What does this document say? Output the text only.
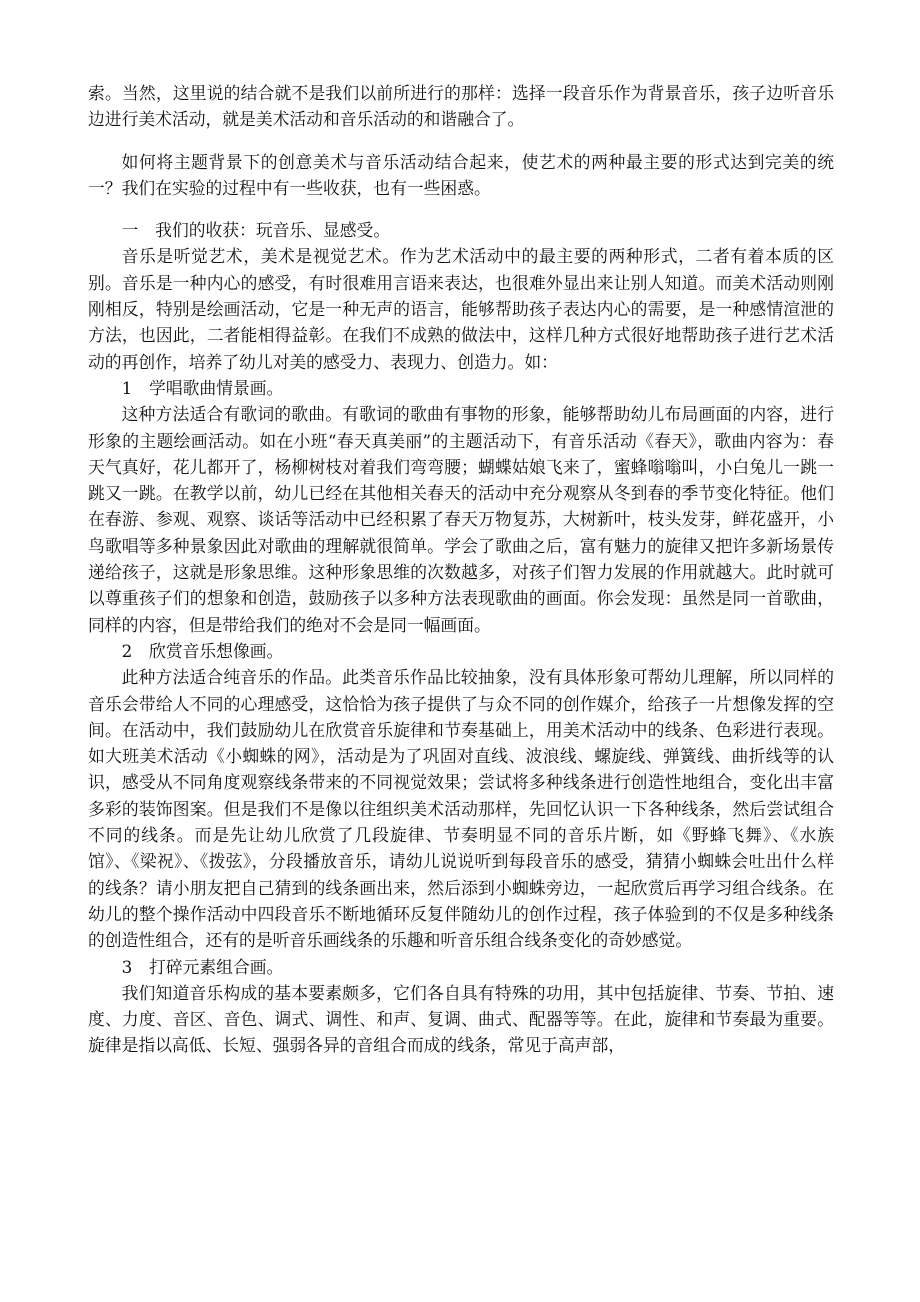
索。当然，这里说的结合就不是我们以前所进行的那样：选择一段音乐作为背景音乐，孩子边听音乐边进行美术活动，就是美术活动和音乐活动的和谐融合了。

如何将主题背景下的创意美术与音乐活动结合起来，使艺术的两种最主要的形式达到完美的统一？我们在实验的过程中有一些收获，也有一些困惑。

一　我们的收获：玩音乐、显感受。

音乐是听觉艺术，美术是视觉艺术。作为艺术活动中的最主要的两种形式，二者有着本质的区别。音乐是一种内心的感受，有时很难用言语来表达，也很难外显出来让别人知道。而美术活动则刚刚相反，特别是绘画活动，它是一种无声的语言，能够帮助孩子表达内心的需要，是一种感情渲泄的方法，也因此，二者能相得益彰。在我们不成熟的做法中，这样几种方式很好地帮助孩子进行艺术活动的再创作，培养了幼儿对美的感受力、表现力、创造力。如：

1　学唱歌曲情景画。

这种方法适合有歌词的歌曲。有歌词的歌曲有事物的形象，能够帮助幼儿布局画面的内容，进行形象的主题绘画活动。如在小班“春天真美丽”的主题活动下，有音乐活动《春天》，歌曲内容为：春天气真好，花儿都开了，杨柳树枝对着我们弯弯腰；蝴蝶姑娘飞来了，蜜蜂嗡嗡叫，小白兔儿一跳一跳又一跳。在教学以前，幼儿已经在其他相关春天的活动中充分观察从冬到春的季节变化特征。他们在春游、参观、观察、谈话等活动中已经积累了春天万物复苏，大树新叶，枝头发芽，鲜花盛开，小鸟歌唱等多种景象因此对歌曲的理解就很简单。学会了歌曲之后，富有魅力的旋律又把许多新场景传递给孩子，这就是形象思维。这种形象思维的次数越多，对孩子们智力发展的作用就越大。此时就可以尊重孩子们的想象和创造，鼓励孩子以多种方法表现歌曲的画面。你会发现：虽然是同一首歌曲，同样的内容，但是带给我们的绝对不会是同一幅画面。

2　欣赏音乐想像画。

此种方法适合纯音乐的作品。此类音乐作品比较抽象，没有具体形象可帮幼儿理解，所以同样的音乐会带给人不同的心理感受，这恰恰为孩子提供了与众不同的创作媒介，给孩子一片想像发挥的空间。在活动中，我们鼓励幼儿在欣赏音乐旋律和节奏基础上，用美术活动中的线条、色彩进行表现。如大班美术活动《小蜘蛛的网》，活动是为了巩固对直线、波浪线、螺旋线、弹簧线、曲折线等的认识，感受从不同角度观察线条带来的不同视觉效果；尝试将多种线条进行创造性地组合，变化出丰富多彩的装饰图案。但是我们不是像以往组织美术活动那样，先回忆认识一下各种线条，然后尝试组合不同的线条。而是先让幼儿欣赏了几段旋律、节奏明显不同的音乐片断，如《野蜂飞舞》、《水族馆》、《梁祝》、《拨弦》，分段播放音乐，请幼儿说说听到每段音乐的感受，猜猜小蜘蛛会吐出什么样的线条？请小朋友把自己猜到的线条画出来，然后添到小蜘蛛旁边，一起欣赏后再学习组合线条。在幼儿的整个操作活动中四段音乐不断地循环反复伴随幼儿的创作过程，孩子体验到的不仅是多种线条的创造性组合，还有的是听音乐画线条的乐趣和听音乐组合线条变化的奇妙感觉。

3　打碎元素组合画。

我们知道音乐构成的基本要素颇多，它们各自具有特殊的功用，其中包括旋律、节奏、节拍、速度、力度、音区、音色、调式、调性、和声、复调、曲式、配器等等。在此，旋律和节奏最为重要。旋律是指以高低、长短、强弱各异的音组合而成的线条，常见于高声部，
